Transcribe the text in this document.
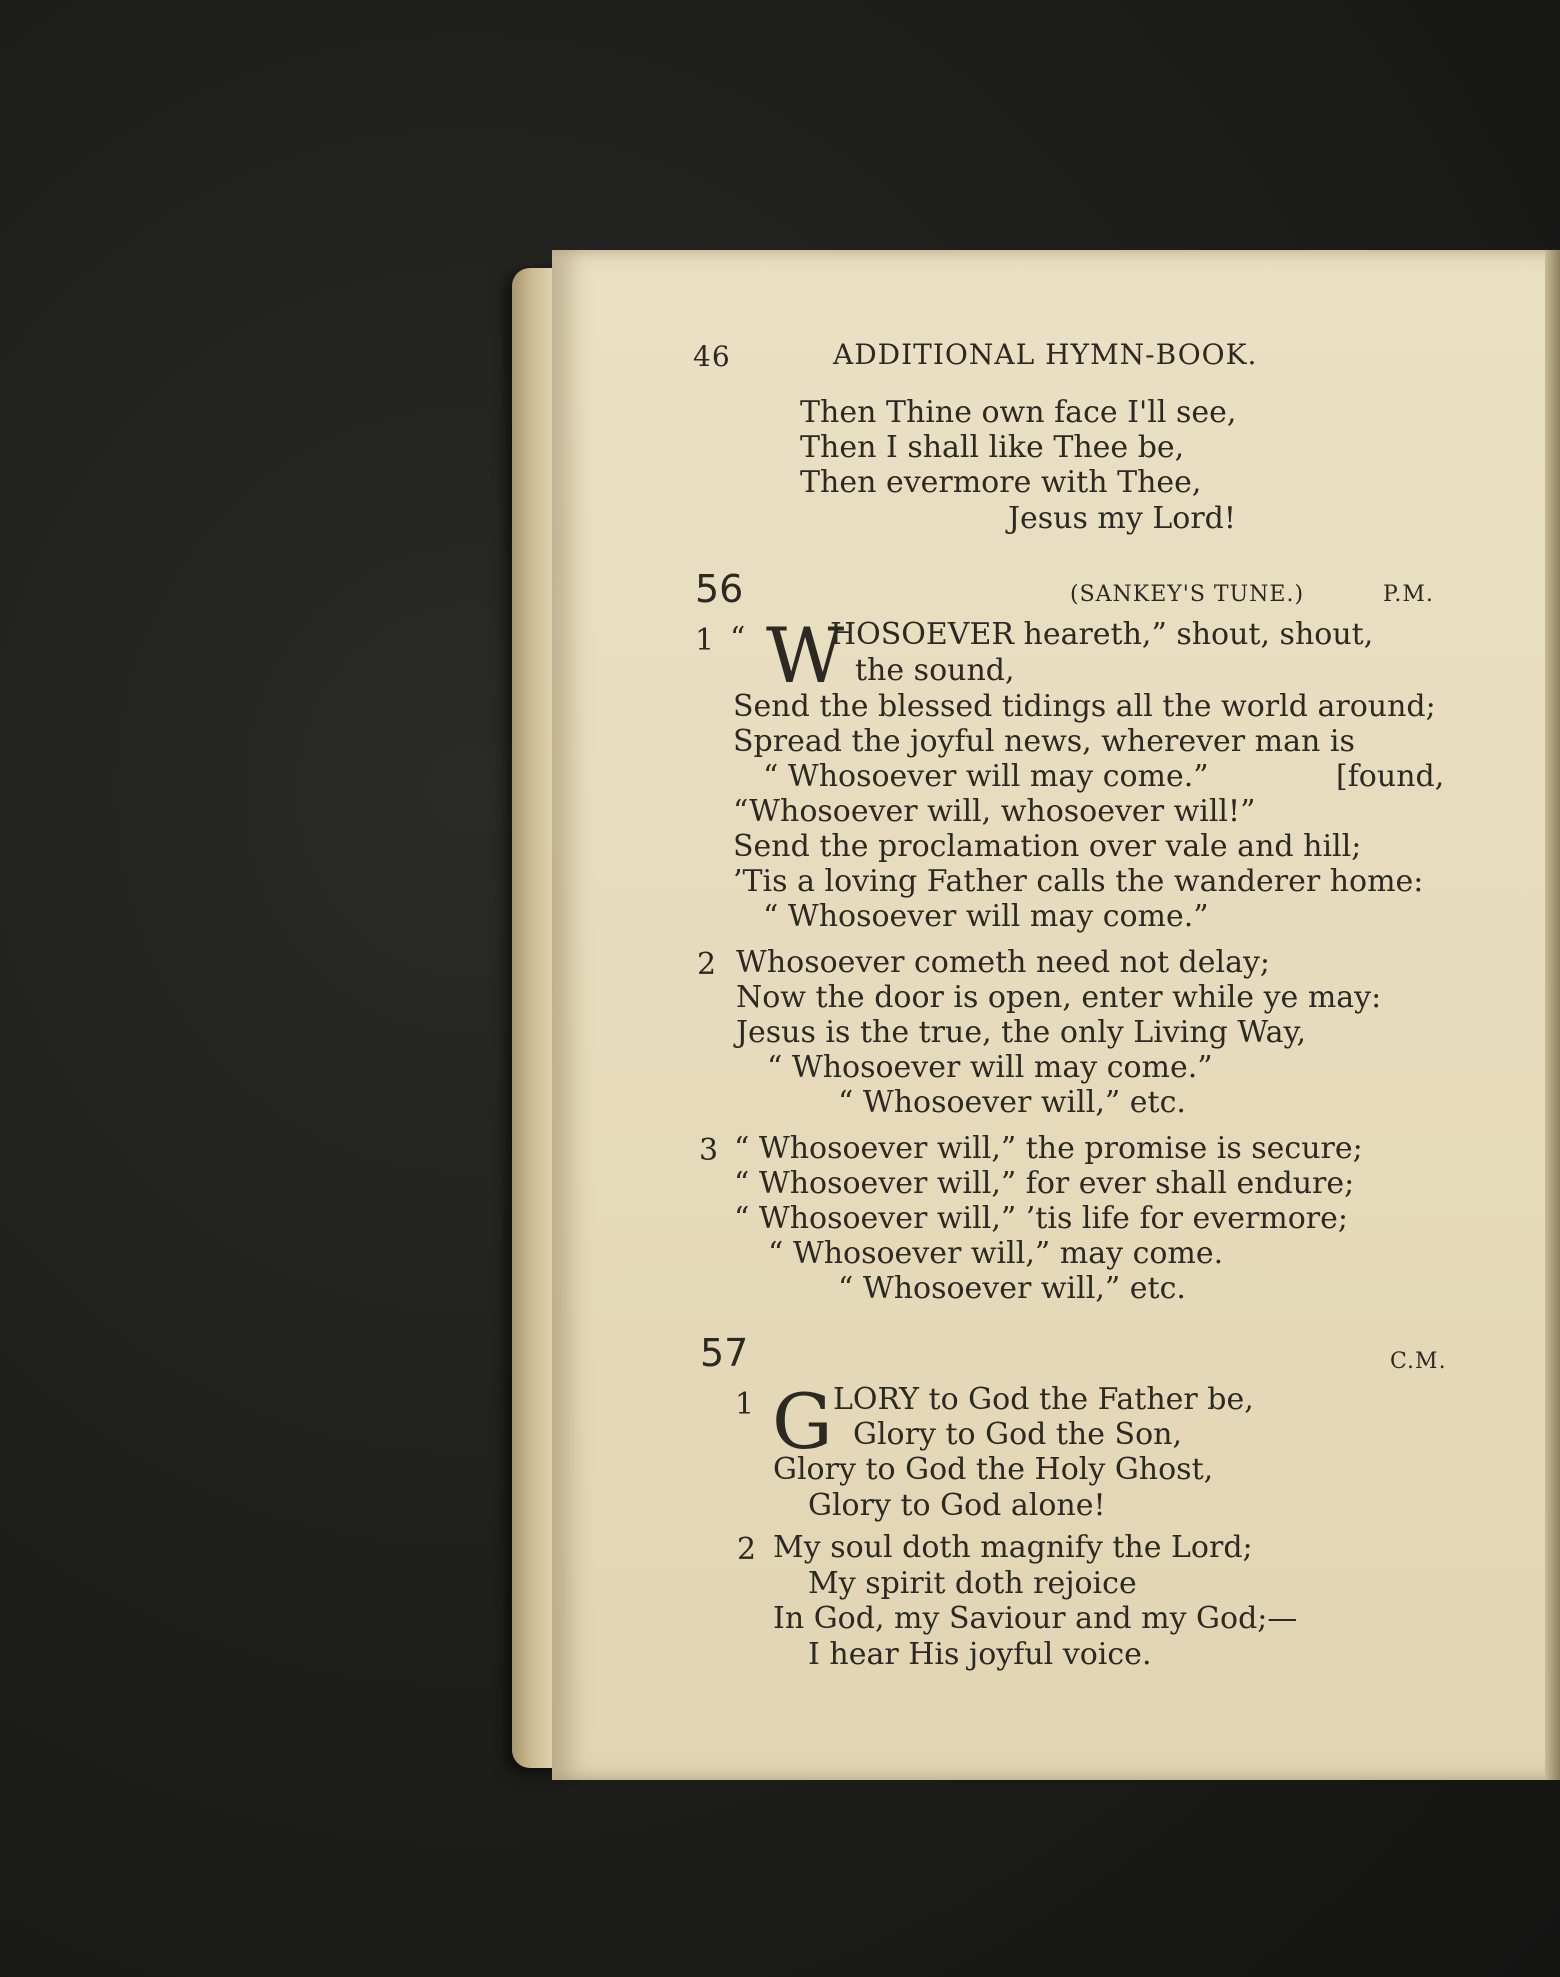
46	ADDITIONAL HYMN-BOOK.
Then Thine own face I'll see,
Then I shall like Thee be,
Then evermore with Thee,
Jesus my Lord!
56	(SANKEY'S TUNE.)	P.M.
1 “ W
HOSOEVER heareth,” shout, shout,
the sound,
Send the blessed tidings all the world around;
Spread the joyful news, wherever man is
“ Whosoever will may come.”	[found,
“Whosoever will, whosoever will!”
Send the proclamation over vale and hill;
’Tis a loving Father calls the wanderer home:
“ Whosoever will may come.”
2 Whosoever cometh need not delay;
Now the door is open, enter while ye may:
Jesus is the true, the only Living Way,
“ Whosoever will may come.”
“ Whosoever will,” etc.
3 “ Whosoever will,” the promise is secure;
“ Whosoever will,” for ever shall endure;
“ Whosoever will,” ’tis life for evermore;
“ Whosoever will,” may come.
“ Whosoever will,” etc.
57	C.M.
1 G LORY to God the Father be,
Glory to God the Son,
Glory to God the Holy Ghost,
Glory to God alone!
2 My soul doth magnify the Lord;
My spirit doth rejoice
In God, my Saviour and my God;—
I hear His joyful voice.
